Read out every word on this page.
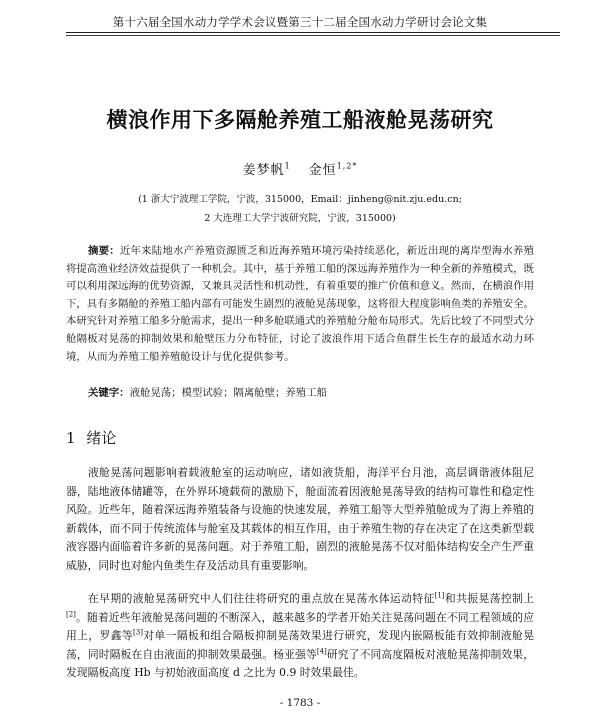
第十六届全国水动力学学术会议暨第三十二届全国水动力学研讨会论文集
横浪作用下多隔舱养殖工船液舱晃荡研究
姜梦帆$^1$ 金恒$^{1,2*}$
(1 浙大宁波理工学院，宁波，315000，Email：jinheng@nit.zju.edu.cn;
2 大连理工大学宁波研究院，宁波，315000)
摘要：近年来陆地水产养殖资源匮乏和近海养殖环境污染持续恶化，新近出现的离岸型海水养殖将提高渔业经济效益提供了一种机会。其中，基于养殖工船的深远海养殖作为一种全新的养殖模式，既可以利用深远海的优势资源，又兼具灵活性和机动性，有着重要的推广价值和意义。然而，在横浪作用下，具有多隔舱的养殖工船内部有可能发生剧烈的液舱晃荡现象，这将很大程度影响鱼类的养殖安全。本研究针对养殖工船多分舱需求，提出一种多舱联通式的养殖舱分舱布局形式。先后比较了不同型式分舱隔板对晃荡的抑制效果和舱壁压力分布特征，讨论了波浪作用下适合鱼群生长生存的最适水动力环境，从而为养殖工船养殖舱设计与优化提供参考。
关键字：液舱晃荡；模型试验；隔离舱壁；养殖工船
1 绪论
液舱晃荡问题影响着载液舱室的运动响应，诸如液货船，海洋平台月池，高层调谐液体阻尼器，陆地液体储罐等，在外界环境载荷的激励下，舱面流着因液舱晃荡导致的结构可靠性和稳定性风险。近些年，随着深远海养殖装备与设施的快速发展，养殖工船等大型养殖舱成为了海上养殖的新载体，而不同于传统流体与舱室及其载体的相互作用，由于养殖生物的存在决定了在这类新型载液容器内面临着许多新的晃荡问题。对于养殖工船，剧烈的液舱晃荡不仅对船体结构安全产生严重威胁，同时也对舱内鱼类生存及活动具有重要影响。
在早期的液舱晃荡研究中人们往往将研究的重点放在晃荡水体运动特征[1]和共振晃荡控制上[2]。随着近些年液舱晃荡问题的不断深入，越来越多的学者开始关注晃荡问题在不同工程领域的应用上，罗鑫等[3]对单一隔板和组合隔板抑制晃荡效果进行研究，发现内嵌隔板能有效抑制液舱晃荡，同时隔板在自由液面的抑制效果最强。杨亚强等[4]研究了不同高度隔板对液舱晃荡抑制效果，发现隔板高度 Hb 与初始液面高度 d 之比为 0.9 时效果最佳。
- 1783 -
